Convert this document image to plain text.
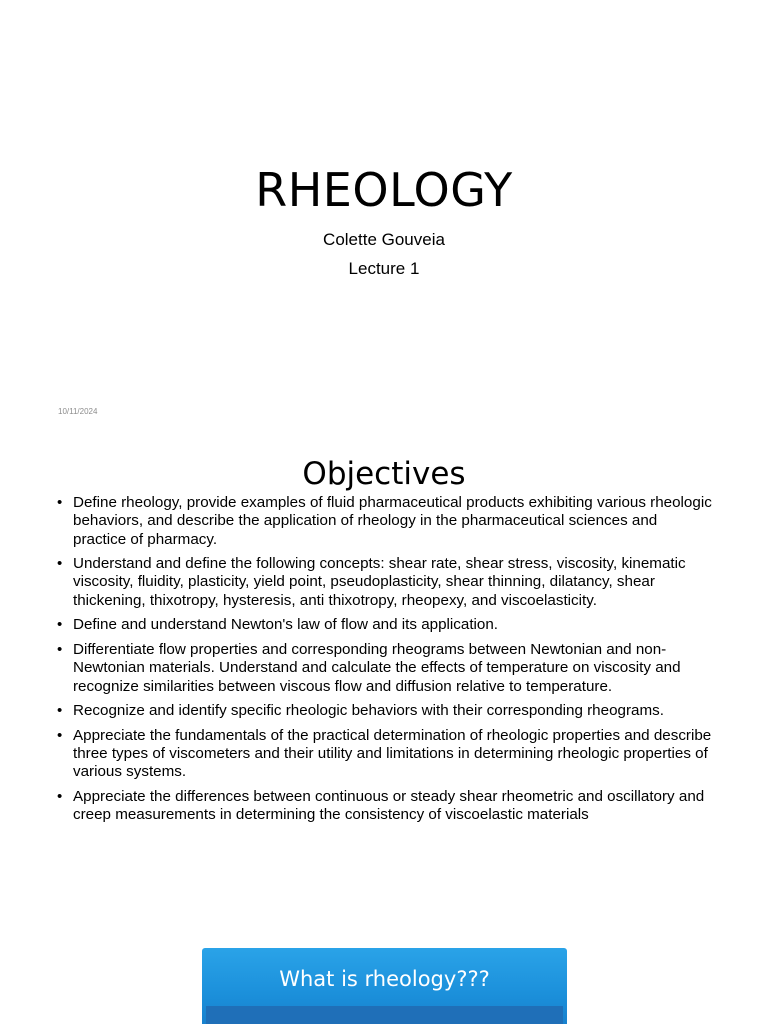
RHEOLOGY
Colette Gouveia
Lecture 1
10/11/2024
Objectives
• Define rheology, provide examples of fluid pharmaceutical products exhibiting various rheologic behaviors, and describe the application of rheology in the pharmaceutical sciences and practice of pharmacy.
• Understand and define the following concepts: shear rate, shear stress, viscosity, kinematic viscosity, fluidity, plasticity, yield point, pseudoplasticity, shear thinning, dilatancy, shear thickening, thixotropy, hysteresis, anti thixotropy, rheopexy, and viscoelasticity.
• Define and understand Newton's law of flow and its application.
• Differentiate flow properties and corresponding rheograms between Newtonian and non-Newtonian materials. Understand and calculate the effects of temperature on viscosity and recognize similarities between viscous flow and diffusion relative to temperature.
• Recognize and identify specific rheologic behaviors with their corresponding rheograms.
• Appreciate the fundamentals of the practical determination of rheologic properties and describe three types of viscometers and their utility and limitations in determining rheologic properties of various systems.
• Appreciate the differences between continuous or steady shear rheometric and oscillatory and creep measurements in determining the consistency of viscoelastic materials
What is rheology???
